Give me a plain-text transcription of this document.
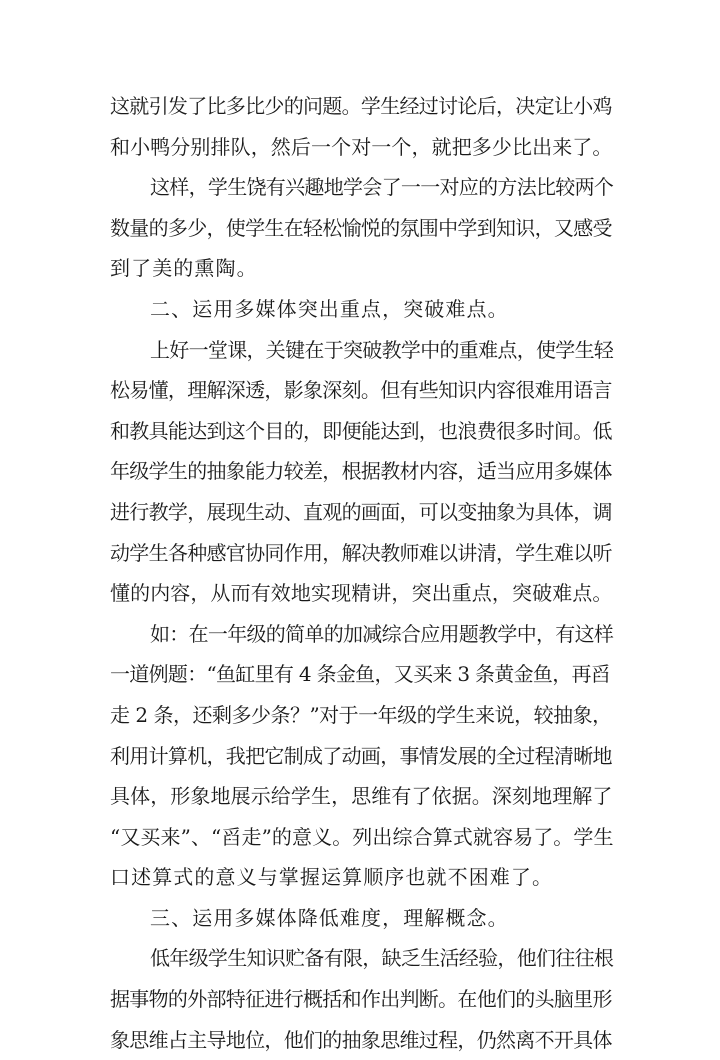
这就引发了比多比少的问题。学生经过讨论后，决定让小鸡
和小鸭分别排队，然后一个对一个，就把多少比出来了。
这样，学生饶有兴趣地学会了一一对应的方法比较两个
数量的多少，使学生在轻松愉悦的氛围中学到知识，又感受
到了美的熏陶。
二、运用多媒体突出重点，突破难点。
上好一堂课，关键在于突破教学中的重难点，使学生轻
松易懂，理解深透，影象深刻。但有些知识内容很难用语言
和教具能达到这个目的，即便能达到，也浪费很多时间。低
年级学生的抽象能力较差，根据教材内容，适当应用多媒体
进行教学，展现生动、直观的画面，可以变抽象为具体，调
动学生各种感官协同作用，解决教师难以讲清，学生难以听
懂的内容，从而有效地实现精讲，突出重点，突破难点。
如：在一年级的简单的加减综合应用题教学中，有这样
一道例题：“鱼缸里有 4 条金鱼，又买来 3 条黄金鱼，再舀
走 2 条，还剩多少条？”对于一年级的学生来说，较抽象，
利用计算机，我把它制成了动画，事情发展的全过程清晰地
具体，形象地展示给学生，思维有了依据。深刻地理解了
“又买来”、“舀走”的意义。列出综合算式就容易了。学生
口述算式的意义与掌握运算顺序也就不困难了。
三、运用多媒体降低难度，理解概念。
低年级学生知识贮备有限，缺乏生活经验，他们往往根
据事物的外部特征进行概括和作出判断。在他们的头脑里形
象思维占主导地位，他们的抽象思维过程，仍然离不开具体
